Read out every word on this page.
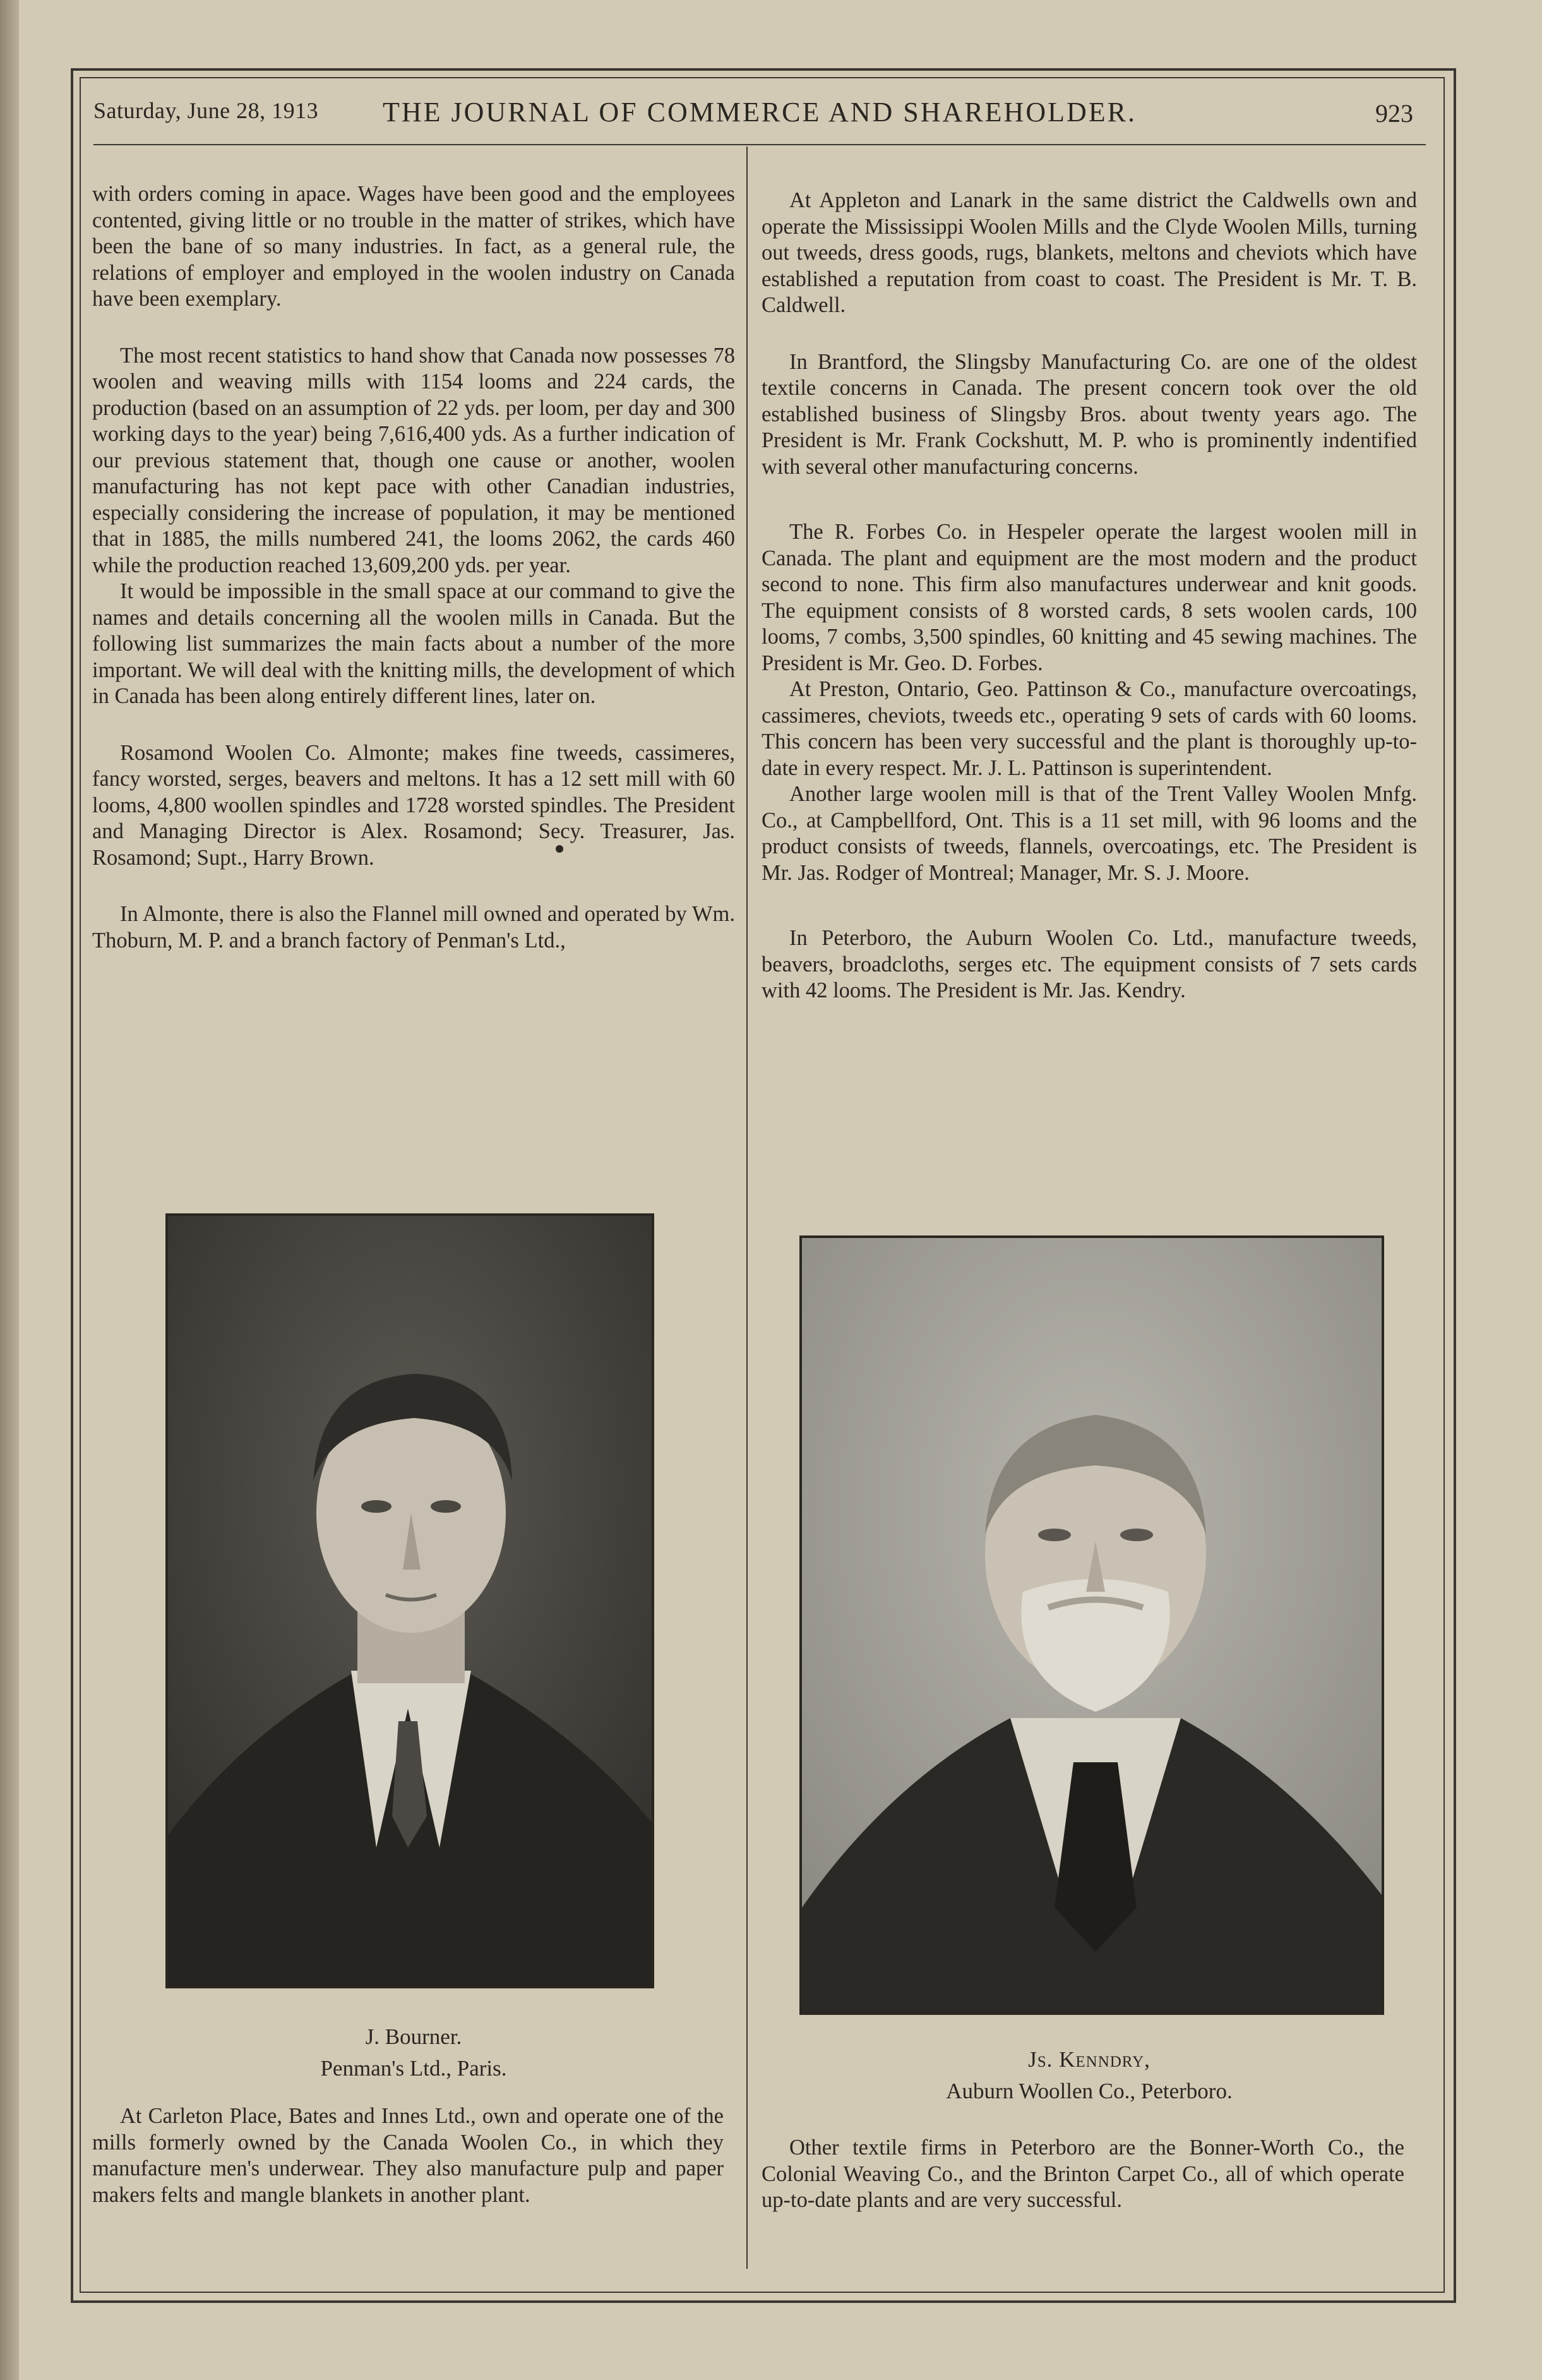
Saturday, June 28, 1913	THE JOURNAL OF COMMERCE AND SHAREHOLDER.	923

with orders coming in apace. Wages have been good and the employees contented, giving little or no trouble in the matter of strikes, which have been the bane of so many industries. In fact, as a general rule, the relations of employer and employed in the woolen industry on Canada have been exemplary.

The most recent statistics to hand show that Canada now possesses 78 woolen and weaving mills with 1154 looms and 224 cards, the production (based on an assumption of 22 yds. per loom, per day and 300 working days to the year) being 7,616,400 yds. As a further indication of our previous statement that, though one cause or another, woolen manufacturing has not kept pace with other Canadian industries, especially considering the increase of population, it may be mentioned that in 1885, the mills numbered 241, the looms 2062, the cards 460 while the production reached 13,609,200 yds. per year.

It would be impossible in the small space at our command to give the names and details concerning all the woolen mills in Canada. But the following list summarizes the main facts about a number of the more important. We will deal with the knitting mills, the development of which in Canada has been along entirely different lines, later on.

Rosamond Woolen Co. Almonte; makes fine tweeds, cassimeres, fancy worsted, serges, beavers and meltons. It has a 12 sett mill with 60 looms, 4,800 woollen spindles and 1728 worsted spindles. The President and Managing Director is Alex. Rosamond; Secy. Treasurer, Jas. Rosamond; Supt., Harry Brown.

In Almonte, there is also the Flannel mill owned and operated by Wm. Thoburn, M. P. and a branch factory of Penman's Ltd.,

J. Bourner.
Penman's Ltd., Paris.

At Carleton Place, Bates and Innes Ltd., own and operate one of the mills formerly owned by the Canada Woolen Co., in which they manufacture men's underwear. They also manufacture pulp and paper makers felts and mangle blankets in another plant.

At Appleton and Lanark in the same district the Caldwells own and operate the Mississippi Woolen Mills and the Clyde Woolen Mills, turning out tweeds, dress goods, rugs, blankets, meltons and cheviots which have established a reputation from coast to coast. The President is Mr. T. B. Caldwell.

In Brantford, the Slingsby Manufacturing Co. are one of the oldest textile concerns in Canada. The present concern took over the old established business of Slingsby Bros. about twenty years ago. The President is Mr. Frank Cockshutt, M. P. who is prominently indentified with several other manufacturing concerns.

The R. Forbes Co. in Hespeler operate the largest woolen mill in Canada. The plant and equipment are the most modern and the product second to none. This firm also manufactures underwear and knit goods. The equipment consists of 8 worsted cards, 8 sets woolen cards, 100 looms, 7 combs, 3,500 spindles, 60 knitting and 45 sewing machines. The President is Mr. Geo. D. Forbes.

At Preston, Ontario, Geo. Pattinson & Co., manufacture overcoatings, cassimeres, cheviots, tweeds etc., operating 9 sets of cards with 60 looms. This concern has been very successful and the plant is thoroughly up-to-date in every respect. Mr. J. L. Pattinson is superintendent.

Another large woolen mill is that of the Trent Valley Woolen Mnfg. Co., at Campbellford, Ont. This is a 11 set mill, with 96 looms and the product consists of tweeds, flannels, overcoatings, etc. The President is Mr. Jas. Rodger of Montreal; Manager, Mr. S. J. Moore.

In Peterboro, the Auburn Woolen Co. Ltd., manufacture tweeds, beavers, broadcloths, serges etc. The equipment consists of 7 sets cards with 42 looms. The President is Mr. Jas. Kendry.

Js. Kenndry,
Auburn Woollen Co., Peterboro.

Other textile firms in Peterboro are the Bonner-Worth Co., the Colonial Weaving Co., and the Brinton Carpet Co., all of which operate up-to-date plants and are very successful.
